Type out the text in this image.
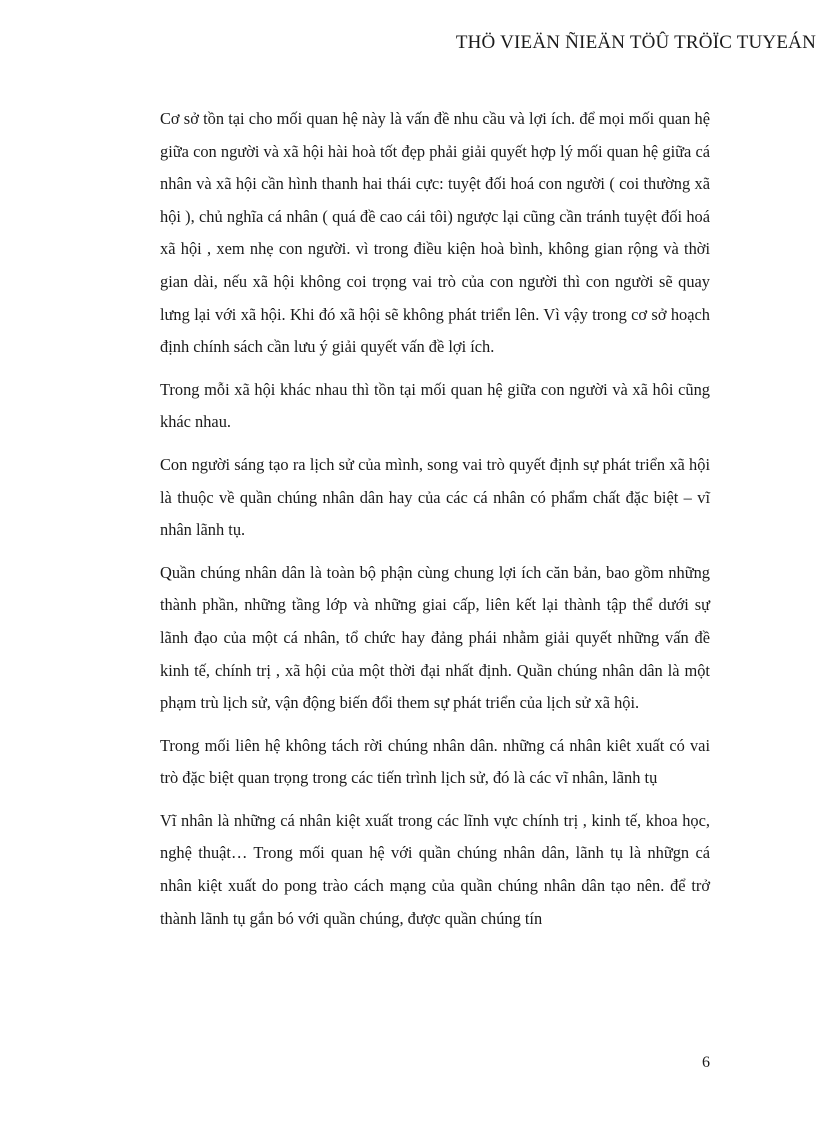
THÖ VIEÄN ÑIEÄN TÖÛ TRÖÏC TUYEÁN

Cơ sở tồn tại cho mối quan hệ này là vấn đề nhu cầu và lợi ích. để mọi mối quan hệ giữa con người và xã hội hài hoà tốt đẹp phải giải quyết hợp lý mối quan hệ giữa cá nhân và xã hội cần hình thanh hai thái cực: tuyệt đối hoá con người ( coi thường xã hội ), chủ nghĩa cá nhân ( quá đề cao cái tôi) ngược lại cũng cần tránh tuyệt đối hoá xã hội , xem nhẹ con người. vì trong điều kiện hoà bình, không gian rộng và thời gian dài, nếu xã hội không coi trọng vai trò của con người thì con người sẽ quay lưng lại với xã hội. Khi đó xã hội sẽ không phát triển lên. Vì vậy trong cơ sở hoạch định chính sách cần lưu ý giải quyết vấn đề lợi ích.

Trong mỗi xã hội khác nhau thì tồn tại mối quan hệ giữa con người và xã hôi cũng khác nhau.

Con người sáng tạo ra lịch sử của mình, song vai trò quyết định sự phát triển xã hội là thuộc về quần chúng nhân dân hay của các cá nhân có phẩm chất đặc biệt – vĩ nhân lãnh tụ.

Quần chúng nhân dân là toàn bộ phận cùng chung lợi ích căn bản, bao gồm những thành phần, những tầng lớp và những giai cấp, liên kết lại thành tập thể dưới sự lãnh đạo của một cá nhân, tổ chức hay đảng phái nhằm giải quyết những vấn đề kinh tế, chính trị , xã hội của một thời đại nhất định. Quần chúng nhân dân là một phạm trù lịch sử, vận động biến đổi them sự phát triển của lịch sử xã hội.

Trong mối liên hệ không tách rời chúng nhân dân. những cá nhân kiêt xuất có vai trò đặc biệt quan trọng trong các tiến trình lịch sử, đó là các vĩ nhân, lãnh tụ

Vĩ nhân là những cá nhân kiệt xuất trong các lĩnh vực chính trị , kinh tế, khoa học, nghệ thuật… Trong mối quan hệ với quần chúng nhân dân, lãnh tụ là nhữgn cá nhân kiệt xuất do pong trào cách mạng của quần chúng nhân dân tạo nên. để trở thành lãnh tụ gắn bó với quần chúng, được quần chúng tín

6
